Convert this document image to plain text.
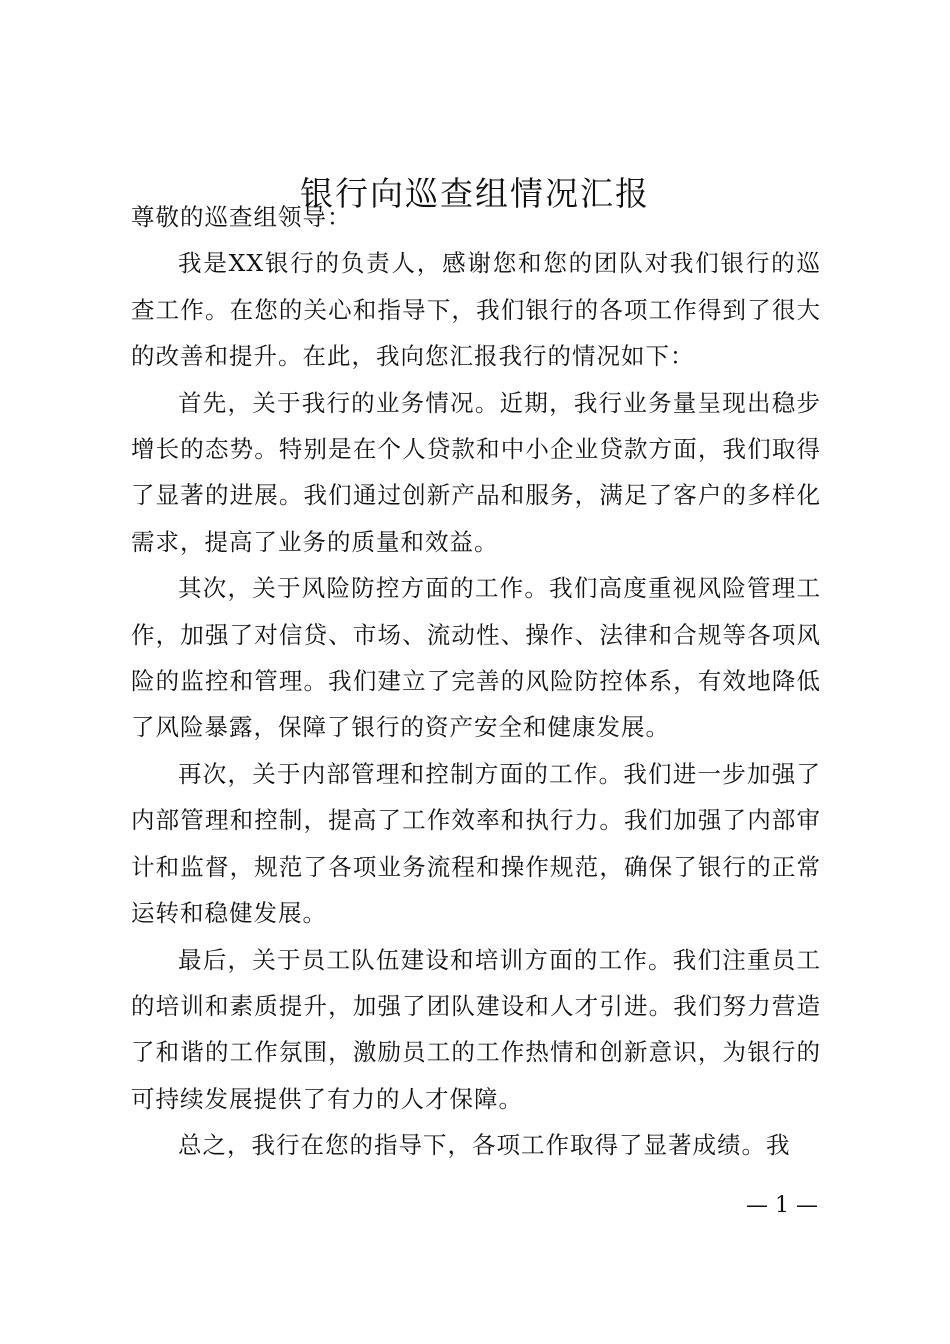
银行向巡查组情况汇报

尊敬的巡查组领导：

我是XX银行的负责人，感谢您和您的团队对我们银行的巡查工作。在您的关心和指导下，我们银行的各项工作得到了很大的改善和提升。在此，我向您汇报我行的情况如下：

首先，关于我行的业务情况。近期，我行业务量呈现出稳步增长的态势。特别是在个人贷款和中小企业贷款方面，我们取得了显著的进展。我们通过创新产品和服务，满足了客户的多样化需求，提高了业务的质量和效益。

其次，关于风险防控方面的工作。我们高度重视风险管理工作，加强了对信贷、市场、流动性、操作、法律和合规等各项风险的监控和管理。我们建立了完善的风险防控体系，有效地降低了风险暴露，保障了银行的资产安全和健康发展。

再次，关于内部管理和控制方面的工作。我们进一步加强了内部管理和控制，提高了工作效率和执行力。我们加强了内部审计和监督，规范了各项业务流程和操作规范，确保了银行的正常运转和稳健发展。

最后，关于员工队伍建设和培训方面的工作。我们注重员工的培训和素质提升，加强了团队建设和人才引进。我们努力营造了和谐的工作氛围，激励员工的工作热情和创新意识，为银行的可持续发展提供了有力的人才保障。

总之，我行在您的指导下，各项工作取得了显著成绩。我

— 1 —
